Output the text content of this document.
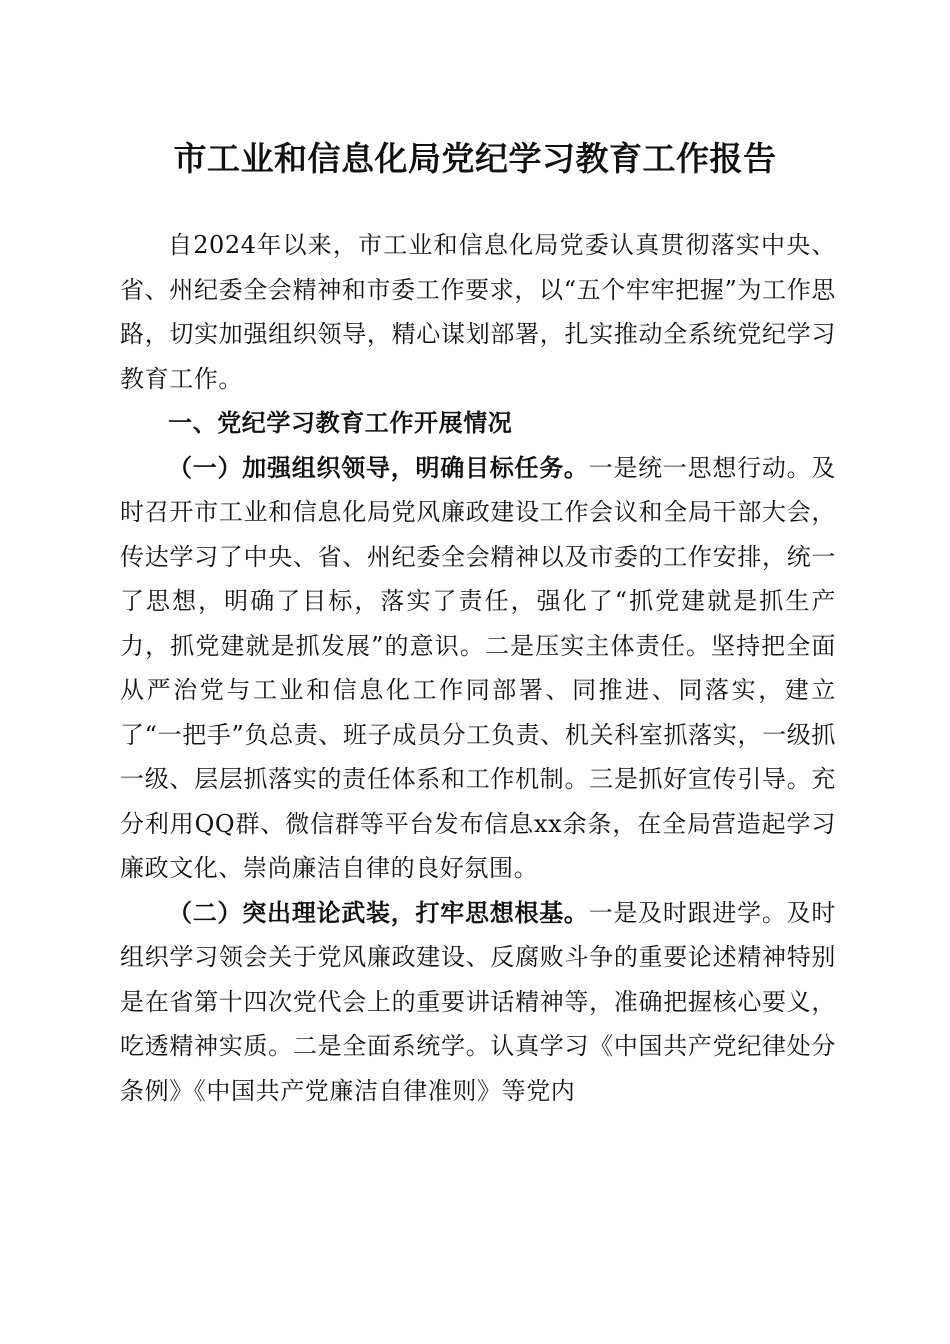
市工业和信息化局党纪学习教育工作报告

自2024年以来，市工业和信息化局党委认真贯彻落实中央、省、州纪委全会精神和市委工作要求，以“五个牢牢把握”为工作思路，切实加强组织领导，精心谋划部署，扎实推动全系统党纪学习教育工作。

一、党纪学习教育工作开展情况

（一）加强组织领导，明确目标任务。一是统一思想行动。及时召开市工业和信息化局党风廉政建设工作会议和全局干部大会，传达学习了中央、省、州纪委全会精神以及市委的工作安排，统一了思想，明确了目标，落实了责任，强化了“抓党建就是抓生产力，抓党建就是抓发展”的意识。二是压实主体责任。坚持把全面从严治党与工业和信息化工作同部署、同推进、同落实，建立了“一把手”负总责、班子成员分工负责、机关科室抓落实，一级抓一级、层层抓落实的责任体系和工作机制。三是抓好宣传引导。充分利用QQ群、微信群等平台发布信息xx余条，在全局营造起学习廉政文化、崇尚廉洁自律的良好氛围。

（二）突出理论武装，打牢思想根基。一是及时跟进学。及时组织学习领会关于党风廉政建设、反腐败斗争的重要论述精神特别是在省第十四次党代会上的重要讲话精神等，准确把握核心要义，吃透精神实质。二是全面系统学。认真学习《中国共产党纪律处分条例》《中国共产党廉洁自律准则》等党内
